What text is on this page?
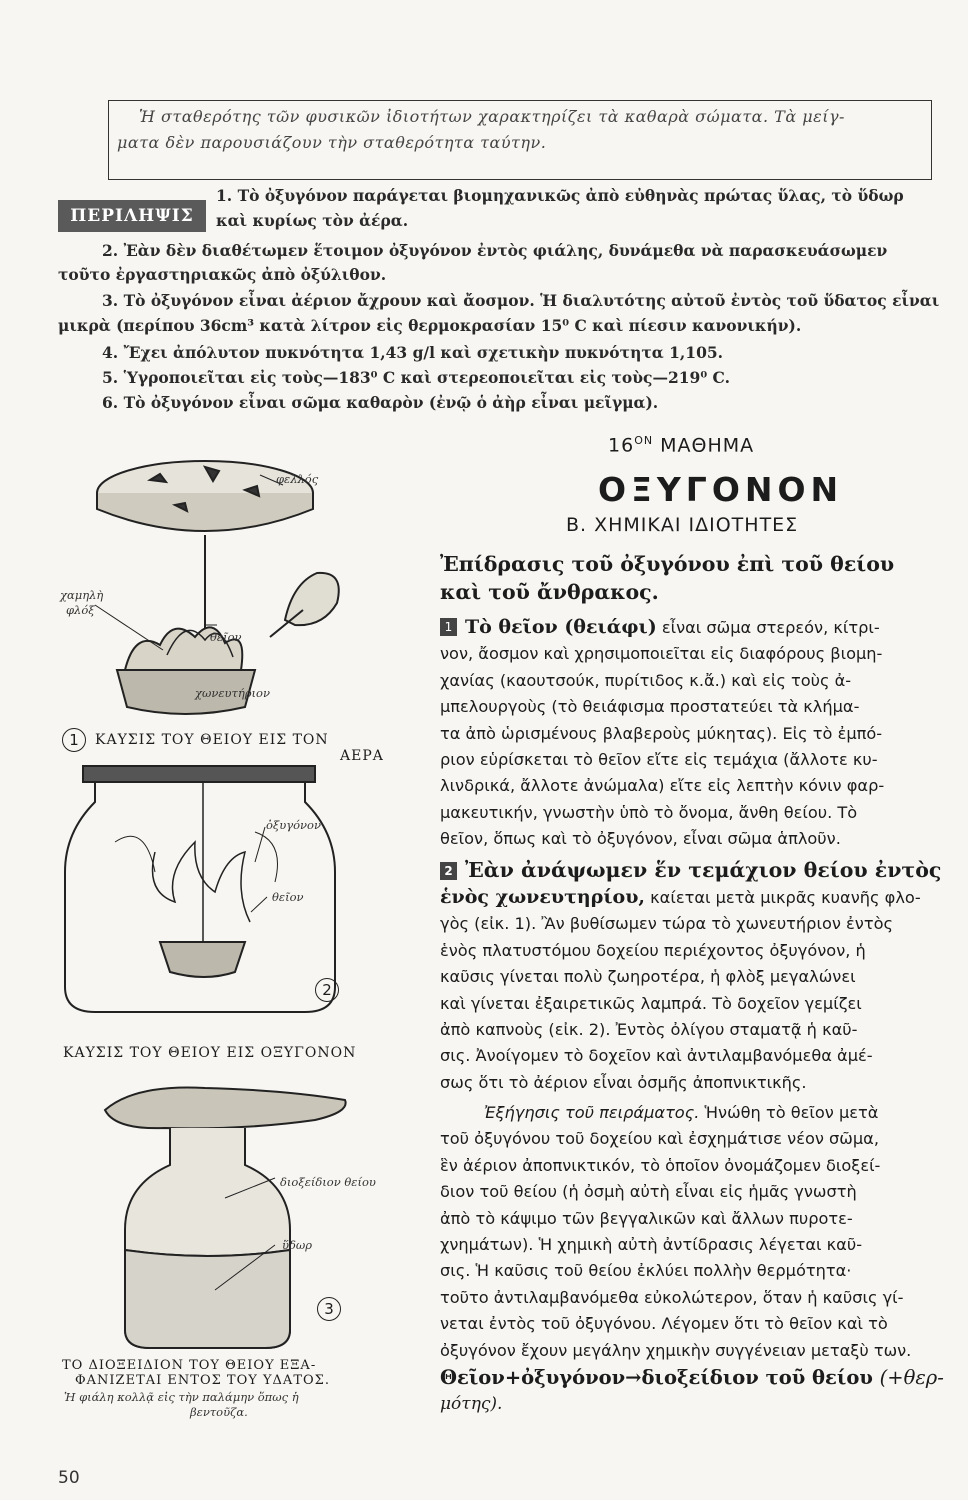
Ἡ σταθερότης τῶν φυσικῶν ἰδιοτήτων χαρακτηρίζει τὰ καθαρὰ σώματα. Τὰ μείγ-
ματα δὲν παρουσιάζουν τὴν σταθερότητα ταύτην.
ΠΕΡΙΛΗΨΙΣ
1. Τὸ ὀξυγόνον παράγεται βιομηχανικῶς ἀπὸ εὐθηνὰς πρώτας ὕλας, τὸ ὕδωρ
καὶ κυρίως τὸν ἀέρα.
2. Ἐὰν δὲν διαθέτωμεν ἕτοιμον ὀξυγόνον ἐντὸς φιάλης, δυνάμεθα νὰ παρασκευάσωμεν
τοῦτο ἐργαστηριακῶς ἀπὸ ὀξύλιθον.
3. Τὸ ὀξυγόνον εἶναι ἀέριον ἄχρουν καὶ ἄοσμον. Ἡ διαλυτότης αὐτοῦ ἐντὸς τοῦ ὕδατος εἶναι
μικρὰ (περίπου 36cm³ κατὰ λίτρον εἰς θερμοκρασίαν 15⁰ C καὶ πίεσιν κανονικήν).
4. Ἔχει ἀπόλυτον πυκνότητα 1,43 g/l καὶ σχετικὴν πυκνότητα 1,105.
5. Ὑγροποιεῖται εἰς τοὺς—183⁰ C καὶ στερεοποιεῖται εἰς τοὺς—219⁰ C.
6. Τὸ ὀξυγόνον εἶναι σῶμα καθαρὸν (ἐνῷ ὁ ἀὴρ εἶναι μεῖγμα).
$16^{ON}$ ΜΑΘΗΜΑ
ΟΞΥΓΟΝΟΝ
Β. ΧΗΜΙΚΑΙ ΙΔΙΟΤΗΤΕΣ
Ἐπίδρασις τοῦ ὀξυγόνου ἐπὶ τοῦ θείου
καὶ τοῦ ἄνθρακος.
1 Τὸ θεῖον (θειάφι) εἶναι σῶμα στερεόν, κίτρι-
νον, ἄοσμον καὶ χρησιμοποιεῖται εἰς διαφόρους βιομη-
χανίας (καουτσούκ, πυρίτιδος κ.ἄ.) καὶ εἰς τοὺς ἀ-
μπελουργοὺς (τὸ θειάφισμα προστατεύει τὰ κλήμα-
τα ἀπὸ ὡρισμένους βλαβεροὺς μύκητας). Εἰς τὸ ἐμπό-
ριον εὑρίσκεται τὸ θεῖον εἴτε εἰς τεμάχια (ἄλλοτε κυ-
λινδρικά, ἄλλοτε ἀνώμαλα) εἴτε εἰς λεπτὴν κόνιν φαρ-
μακευτικήν, γνωστὴν ὑπὸ τὸ ὄνομα, ἄνθη θείου. Τὸ
θεῖον, ὅπως καὶ τὸ ὀξυγόνον, εἶναι σῶμα ἁπλοῦν.
2 Ἐὰν ἀνάψωμεν ἕν τεμάχιον θείου ἐντὸς
ἑνὸς χωνευτηρίου, καίεται μετὰ μικρᾶς κυανῆς φλο-
γὸς (εἰκ. 1). Ἂν βυθίσωμεν τώρα τὸ χωνευτήριον ἐντὸς
ἑνὸς πλατυστόμου δοχείου περιέχοντος ὀξυγόνον, ἡ
καῦσις γίνεται πολὺ ζωηροτέρα, ἡ φλὸξ μεγαλώνει
καὶ γίνεται ἐξαιρετικῶς λαμπρά. Τὸ δοχεῖον γεμίζει
ἀπὸ καπνοὺς (εἰκ. 2). Ἐντὸς ὀλίγου σταματᾷ ἡ καῦ-
σις. Ἀνοίγομεν τὸ δοχεῖον καὶ ἀντιλαμβανόμεθα ἀμέ-
σως ὅτι τὸ ἀέριον εἶναι ὀσμῆς ἀποπνικτικῆς.
Ἐξήγησις τοῦ πειράματος. Ἡνώθη τὸ θεῖον μετὰ
τοῦ ὀξυγόνου τοῦ δοχείου καὶ ἐσχημάτισε νέον σῶμα,
ἓν ἀέριον ἀποπνικτικόν, τὸ ὁποῖον ὀνομάζομεν διοξεί-
διον τοῦ θείου (ἡ ὀσμὴ αὐτὴ εἶναι εἰς ἡμᾶς γνωστὴ
ἀπὸ τὸ κάψιμο τῶν βεγγαλικῶν καὶ ἄλλων πυροτε-
χνημάτων). Ἡ χημικὴ αὐτὴ ἀντίδρασις λέγεται καῦ-
σις. Ἡ καῦσις τοῦ θείου ἐκλύει πολλὴν θερμότητα·
τοῦτο ἀντιλαμβανόμεθα εὐκολώτερον, ὅταν ἡ καῦσις γί-
νεται ἐντὸς τοῦ ὀξυγόνου. Λέγομεν ὅτι τὸ θεῖον καὶ τὸ
ὀξυγόνον ἔχουν μεγάλην χημικὴν συγγένειαν μεταξὺ των.
Θεῖον+ὀξυγόνον→διοξείδιον τοῦ θείου (+θερ-
μότης).
φελλός
χαμηλὴ
φλόξ
θεῖον
χωνευτήριον
1	ΚΑΥΣΙΣ ΤΟΥ ΘΕΙΟΥ ΕΙΣ ΤΟΝ
ΑΕΡΑ
ὀξυγόνον
θεῖον
2
ΚΑΥΣΙΣ ΤΟΥ ΘΕΙΟΥ ΕΙΣ ΟΞΥΓΟΝΟΝ
διοξείδιον θείου
ὕδωρ
3
ΤΟ ΔΙΟΞΕΙΔΙΟΝ ΤΟΥ ΘΕΙΟΥ ΕΞΑ-
ΦΑΝΙΖΕΤΑΙ ΕΝΤΟΣ ΤΟΥ ΥΔΑΤΟΣ.
Ἡ φιάλη κολλᾷ εἰς τὴν παλάμην ὅπως ἡ
βεντοῦζα.
50
